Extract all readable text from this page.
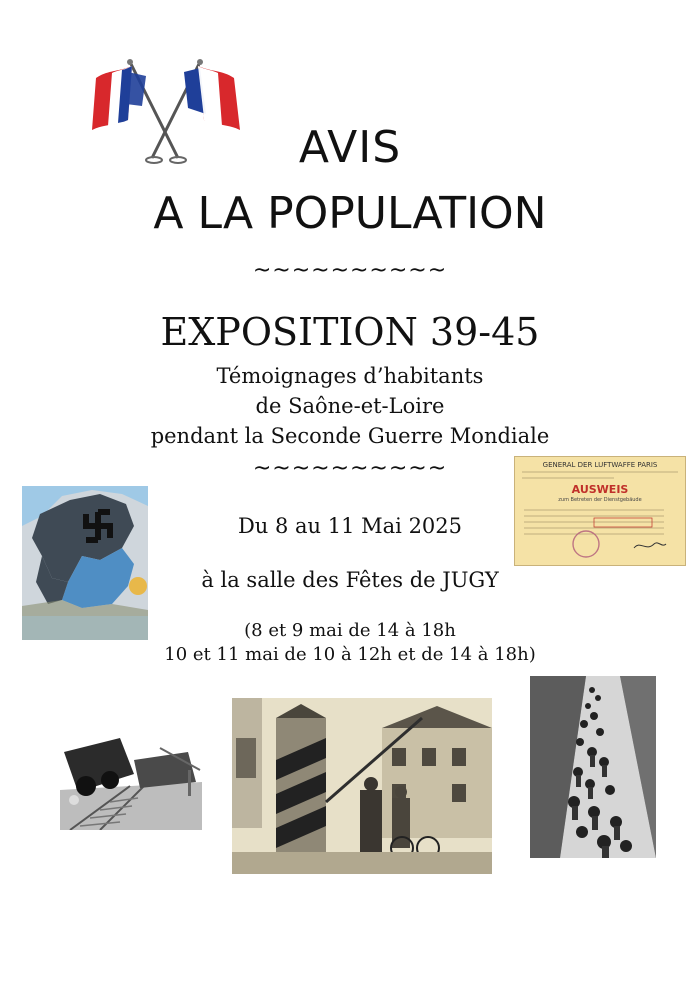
AVIS
A LA POPULATION
~~~~~~~~~~
EXPOSITION 39-45
Témoignages d’habitants
de Saône-et-Loire
pendant la Seconde Guerre Mondiale
~~~~~~~~~~
Du 8 au 11 Mai 2025
à la salle des Fêtes de JUGY
(8 et 9 mai de 14 à 18h
10 et 11 mai de 10 à 12h et de 14 à 18h)
GENERAL DER LUFTWAFFE PARIS
AUSWEIS
zum Betreten der Dienstgebäude
